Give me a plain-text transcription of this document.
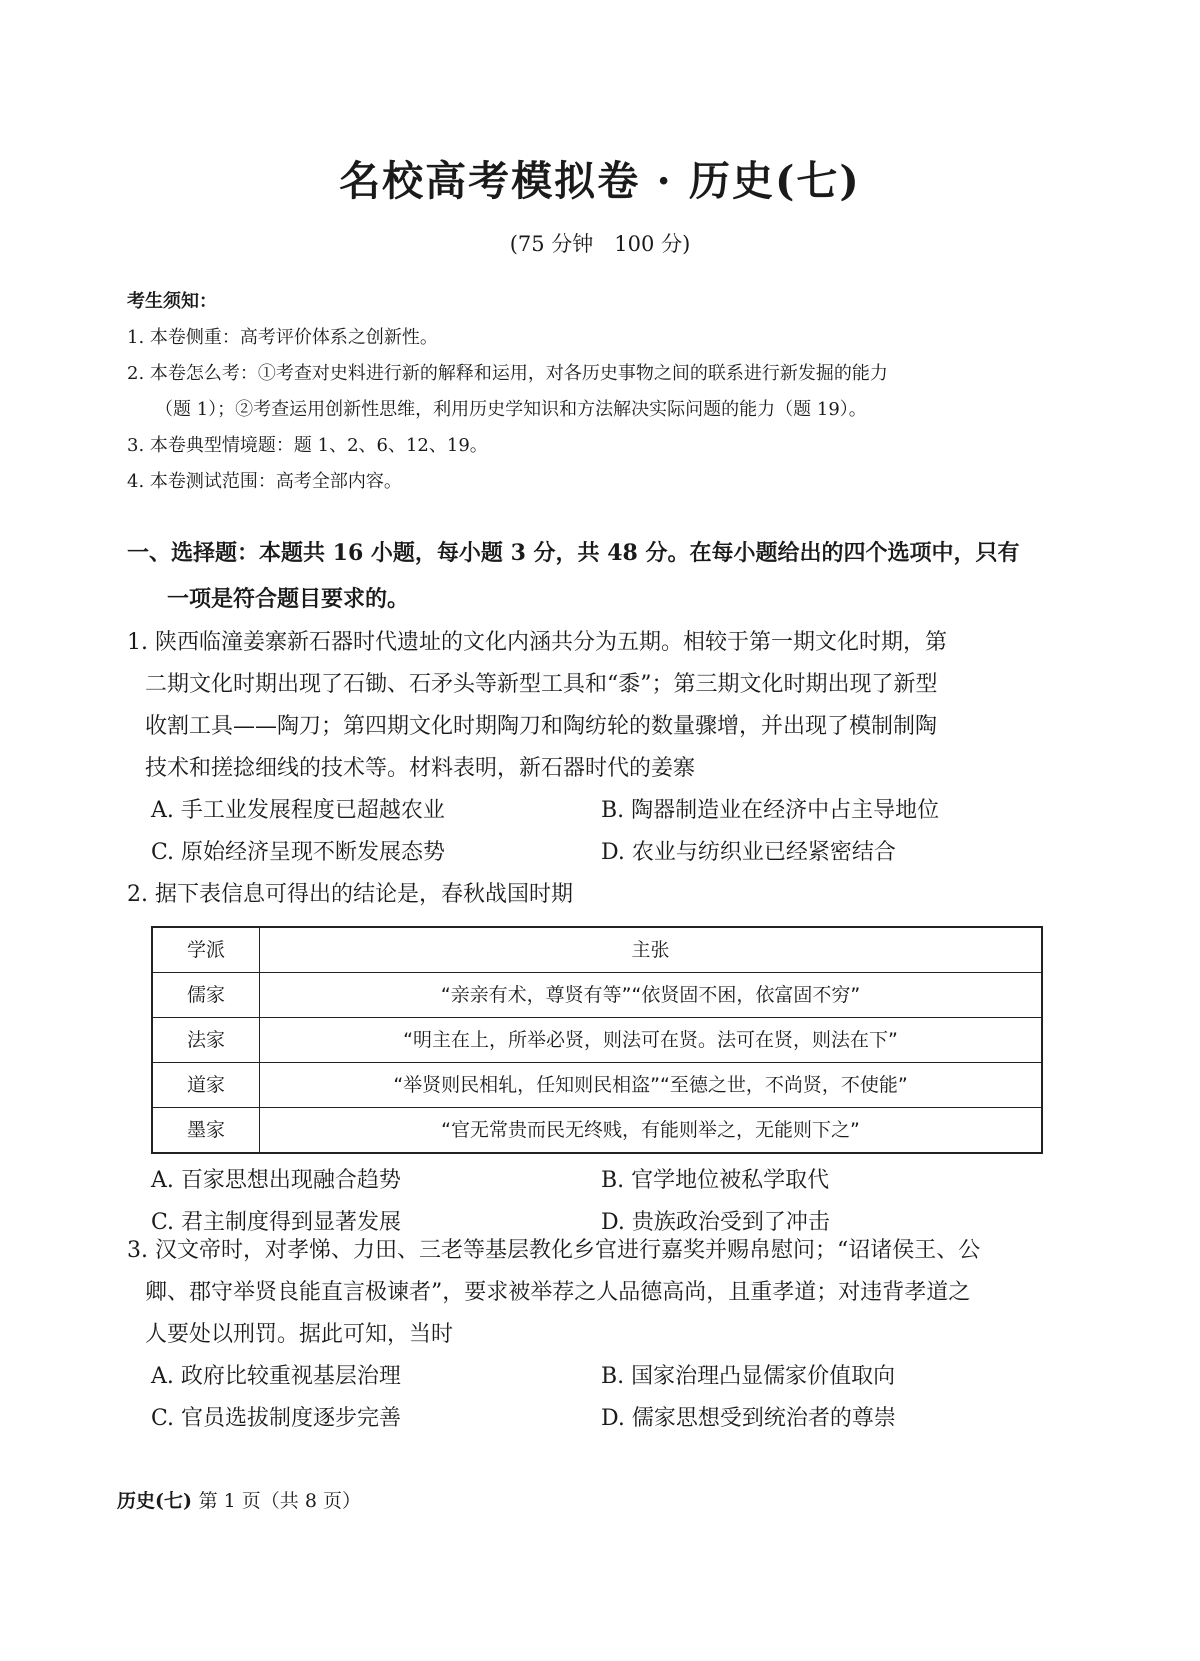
名校高考模拟卷 · 历史(七)
(75 分钟　100 分)
考生须知：
1. 本卷侧重：高考评价体系之创新性。
2. 本卷怎么考：①考查对史料进行新的解释和运用，对各历史事物之间的联系进行新发掘的能力
（题 1）；②考查运用创新性思维，利用历史学知识和方法解决实际问题的能力（题 19）。
3. 本卷典型情境题：题 1、2、6、12、19。
4. 本卷测试范围：高考全部内容。
一、选择题：本题共 16 小题，每小题 3 分，共 48 分。在每小题给出的四个选项中，只有
一项是符合题目要求的。
1. 陕西临潼姜寨新石器时代遗址的文化内涵共分为五期。相较于第一期文化时期，第
二期文化时期出现了石锄、石矛头等新型工具和“黍”；第三期文化时期出现了新型
收割工具——陶刀；第四期文化时期陶刀和陶纺轮的数量骤增，并出现了模制制陶
技术和搓捻细线的技术等。材料表明，新石器时代的姜寨
A. 手工业发展程度已超越农业	B. 陶器制造业在经济中占主导地位
C. 原始经济呈现不断发展态势	D. 农业与纺织业已经紧密结合
2. 据下表信息可得出的结论是，春秋战国时期
学派	主张
儒家	“亲亲有术，尊贤有等”“依贤固不困，依富固不穷”
法家	“明主在上，所举必贤，则法可在贤。法可在贤，则法在下”
道家	“举贤则民相轧，任知则民相盗”“至德之世，不尚贤，不使能”
墨家	“官无常贵而民无终贱，有能则举之，无能则下之”
A. 百家思想出现融合趋势	B. 官学地位被私学取代
C. 君主制度得到显著发展	D. 贵族政治受到了冲击
3. 汉文帝时，对孝悌、力田、三老等基层教化乡官进行嘉奖并赐帛慰问；“诏诸侯王、公
卿、郡守举贤良能直言极谏者”，要求被举荐之人品德高尚，且重孝道；对违背孝道之
人要处以刑罚。据此可知，当时
A. 政府比较重视基层治理	B. 国家治理凸显儒家价值取向
C. 官员选拔制度逐步完善	D. 儒家思想受到统治者的尊崇
历史(七) 第 1 页（共 8 页）
